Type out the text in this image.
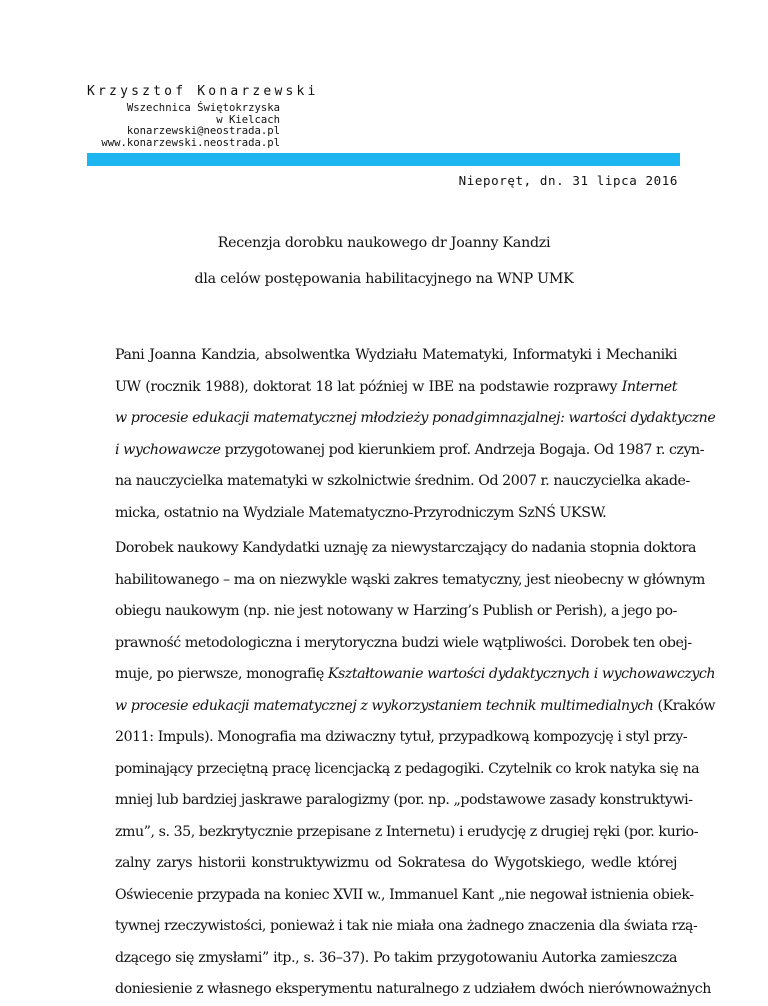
Krzysztof Konarzewski
Wszechnica Świętokrzyska
w Kielcach
konarzewski@neostrada.pl
www.konarzewski.neostrada.pl
Nieporęt, dn. 31 lipca 2016
Recenzja dorobku naukowego dr Joanny Kandzi
dla celów postępowania habilitacyjnego na WNP UMK
Pani Joanna Kandzia, absolwentka Wydziału Matematyki, Informatyki i Mechaniki
UW (rocznik 1988), doktorat 18 lat później w IBE na podstawie rozprawy Internet
w procesie edukacji matematycznej młodzieży ponadgimnazjalnej: wartości dydaktyczne
i wychowawcze przygotowanej pod kierunkiem prof. Andrzeja Bogaja. Od 1987 r. czyn-
na nauczycielka matematyki w szkolnictwie średnim. Od 2007 r. nauczycielka akade-
micka, ostatnio na Wydziale Matematyczno-Przyrodniczym SzNŚ UKSW.
Dorobek naukowy Kandydatki uznaję za niewystarczający do nadania stopnia doktora
habilitowanego – ma on niezwykle wąski zakres tematyczny, jest nieobecny w głównym
obiegu naukowym (np. nie jest notowany w Harzing’s Publish or Perish), a jego po-
prawność metodologiczna i merytoryczna budzi wiele wątpliwości. Dorobek ten obej-
muje, po pierwsze, monografię Kształtowanie wartości dydaktycznych i wychowawczych
w procesie edukacji matematycznej z wykorzystaniem technik multimedialnych (Kraków
2011: Impuls). Monografia ma dziwaczny tytuł, przypadkową kompozycję i styl przy-
pominający przeciętną pracę licencjacką z pedagogiki. Czytelnik co krok natyka się na
mniej lub bardziej jaskrawe paralogizmy (por. np. „podstawowe zasady konstruktywi-
zmu”, s. 35, bezkrytycznie przepisane z Internetu) i erudycję z drugiej ręki (por. kurio-
zalny zarys historii konstruktywizmu od Sokratesa do Wygotskiego, wedle której
Oświecenie przypada na koniec XVII w., Immanuel Kant „nie negował istnienia obiek-
tywnej rzeczywistości, ponieważ i tak nie miała ona żadnego znaczenia dla świata rzą-
dzącego się zmysłami” itp., s. 36–37). Po takim przygotowaniu Autorka zamieszcza
doniesienie z własnego eksperymentu naturalnego z udziałem dwóch nierównoważnych
